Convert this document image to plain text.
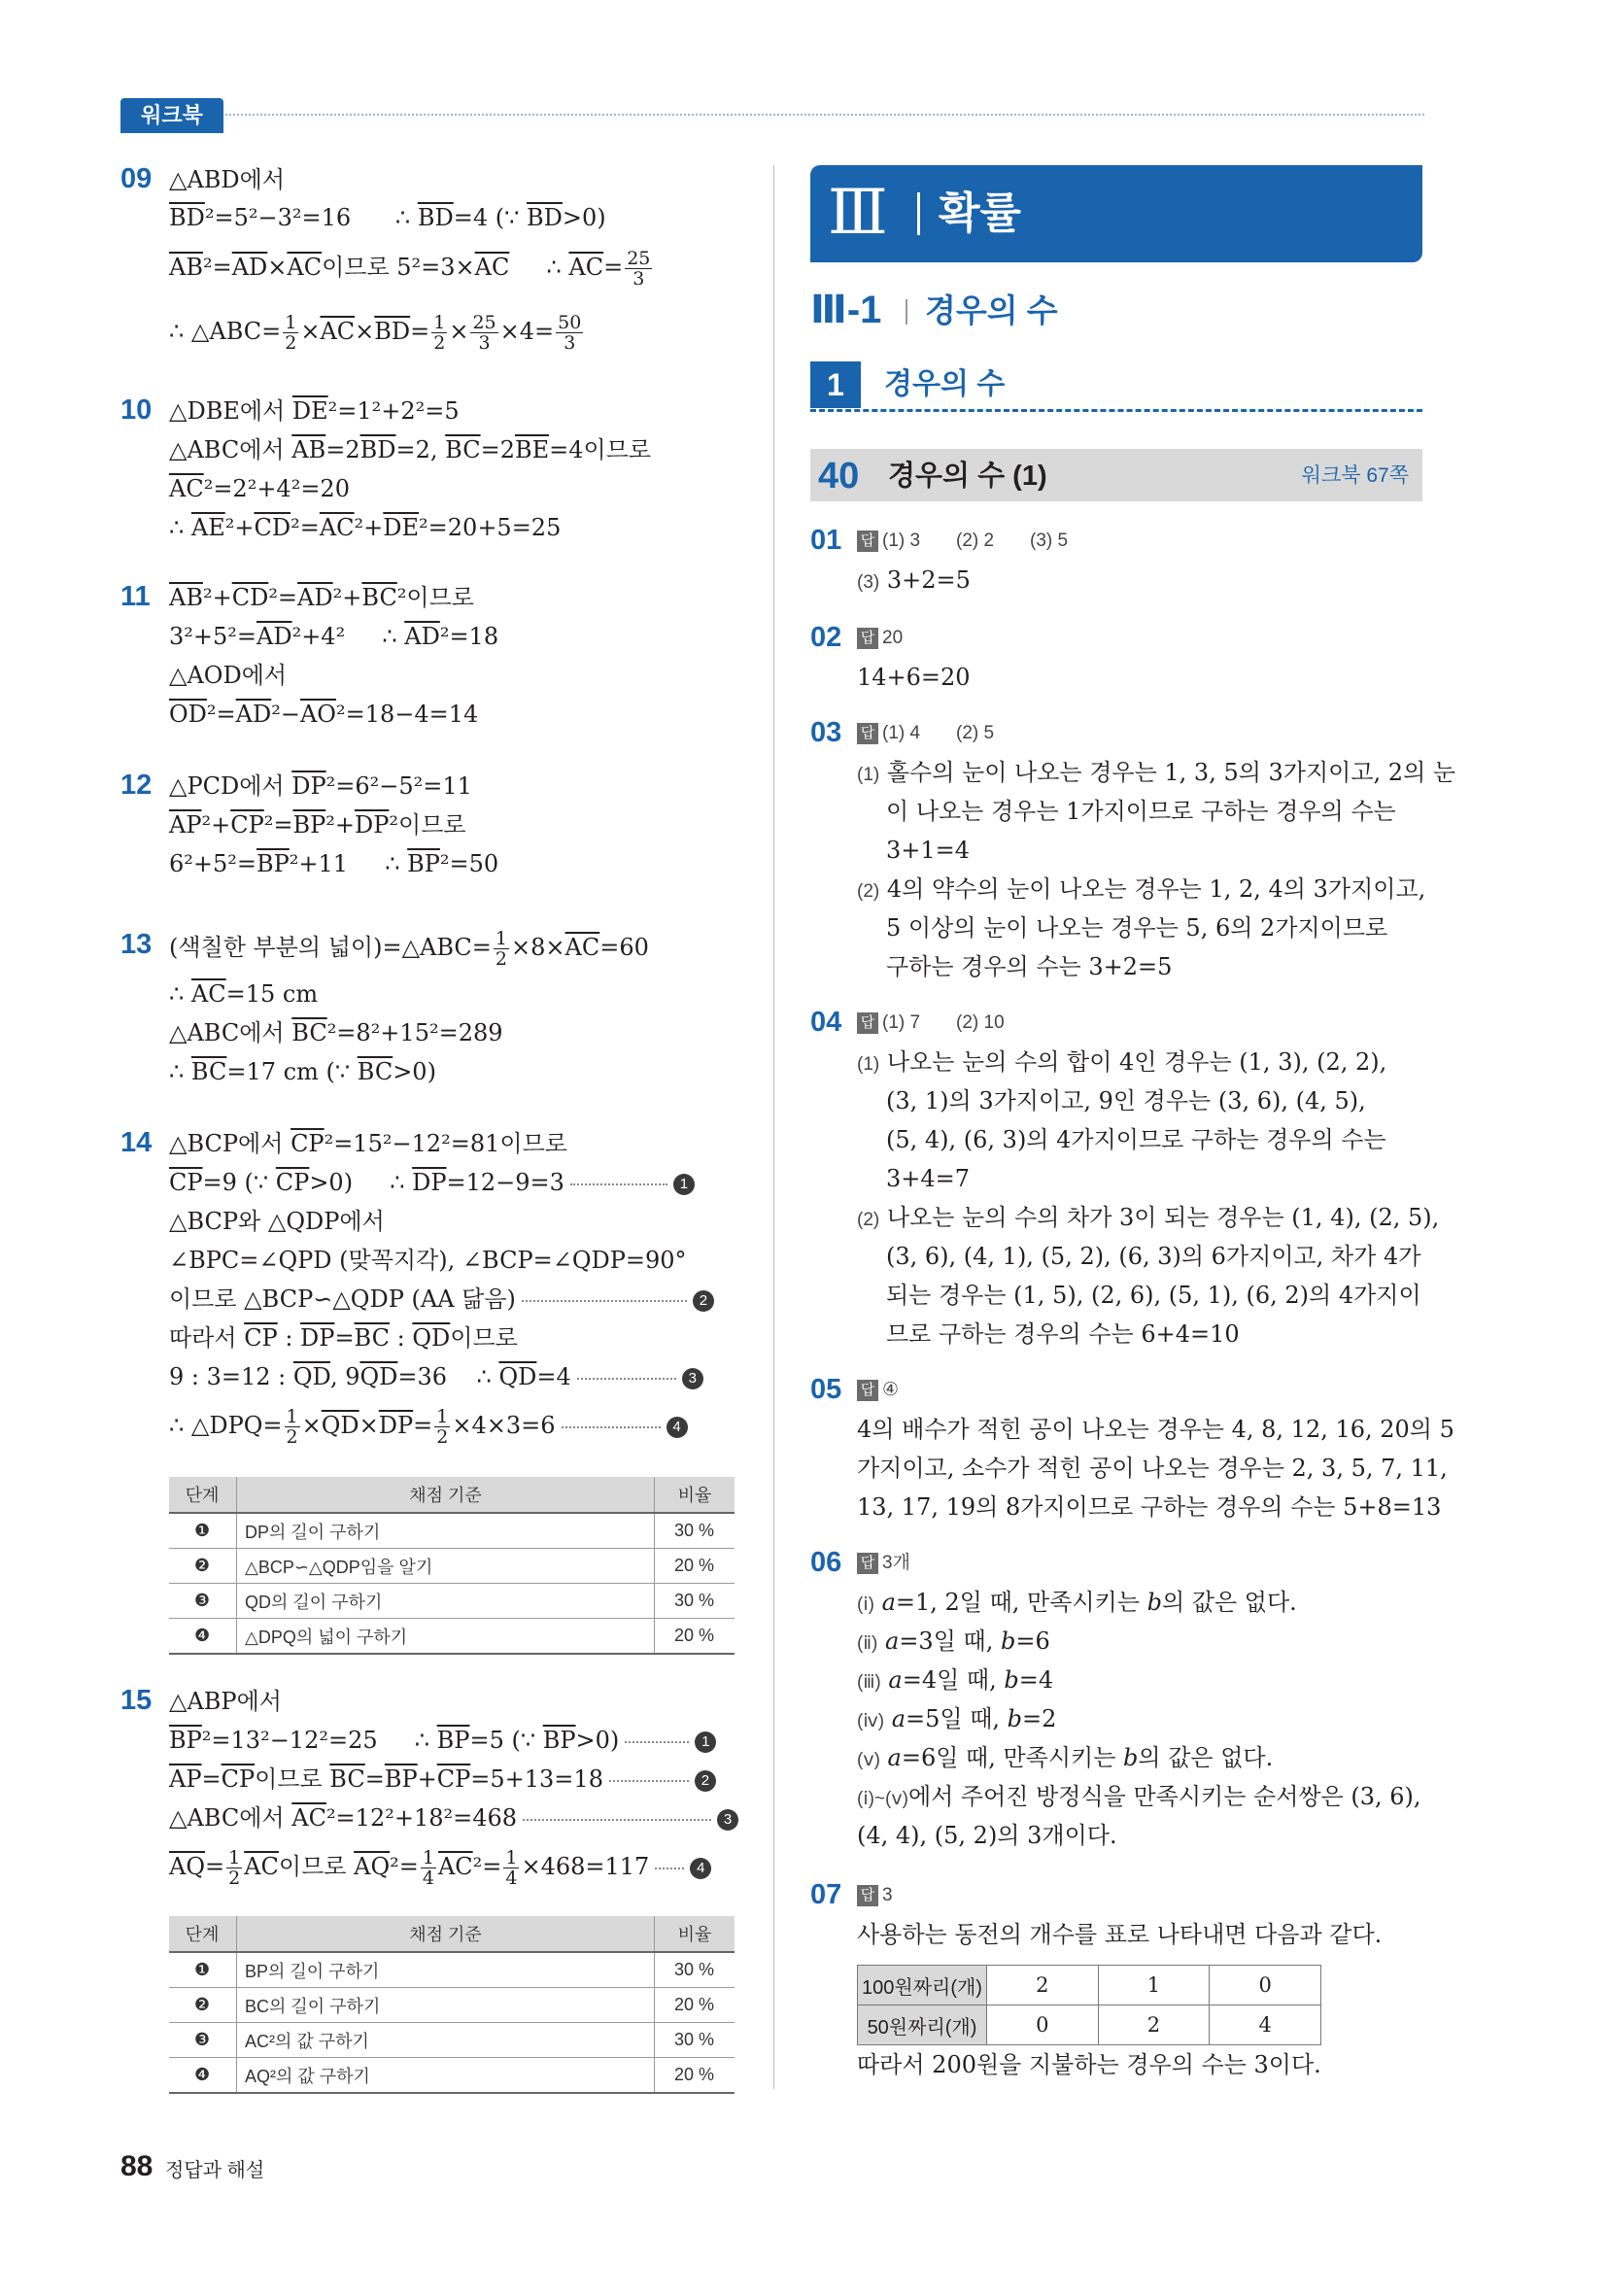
워크북
09 △ABD에서
$\overline{BD}^2=5^2-3^2=16$      ∴ $\overline{BD}=4$ (∵ $\overline{BD}>0$)
$\overline{AB}^2=\overline{AD}\times\overline{AC}$이므로 $5^2=3\times\overline{AC}$     ∴ $\overline{AC}= \frac{25}{3}$
∴ △ABC= $\frac{1}{2} \times\overline{AC}\times\overline{BD}= \frac{1}{2} \times \frac{25}{3} \times 4= \frac{50}{3}$
10 △DBE에서 $\overline{DE}^2=1^2+2^2=5$
△ABC에서 $\overline{AB}=2\overline{BD}=2$, $\overline{BC}=2\overline{BE}=4$이므로
$\overline{AC}^2=2^2+4^2=20$
∴ $\overline{AE}^2+\overline{CD}^2=\overline{AC}^2+\overline{DE}^2=20+5=25$
11 $\overline{AB}^2+\overline{CD}^2=\overline{AD}^2+\overline{BC}^2$이므로
$3^2+5^2=\overline{AD}^2+4^2$     ∴ $\overline{AD}^2=18$
△AOD에서
$\overline{OD}^2=\overline{AD}^2-\overline{AO}^2=18-4=14$
12 △PCD에서 $\overline{DP}^2=6^2-5^2=11$
$\overline{AP}^2+\overline{CP}^2=\overline{BP}^2+\overline{DP}^2$이므로
$6^2+5^2=\overline{BP}^2+11$     ∴ $\overline{BP}^2=50$
13 (색칠한 부분의 넓이)=△ABC= $\frac{1}{2} \times 8\times\overline{AC}=60$
∴ $\overline{AC}=15$ cm
△ABC에서 $\overline{BC}^2=8^2+15^2=289$
∴ $\overline{BC}=17$ cm (∵ $\overline{BC}>0$)
14 △BCP에서 $\overline{CP}^2=15^2-12^2=81$이므로
$\overline{CP}=9$ (∵ $\overline{CP}>0$)     ∴ $\overline{DP}=12-9=3$	1
△BCP와 △QDP에서
∠BPC=∠QPD (맞꼭지각), ∠BCP=∠QDP=90°
이므로 △BCP∽△QDP (AA 닮음)	2
따라서 $\overline{CP}$ : $\overline{DP}=\overline{BC}$ : $\overline{QD}$이므로
9 : 3=12 : $\overline{QD}$, $9\overline{QD}=36$    ∴ $\overline{QD}=4$	3
∴ △DPQ= $\frac{1}{2} \times\overline{QD}\times\overline{DP}= \frac{1}{2} \times 4\times 3=6$	4
단계	채점 기준	비율
❶	DP의 길이 구하기	30 %
❷	△BCP∽△QDP임을 알기	20 %
❸	QD의 길이 구하기	30 %
❹	△DPQ의 넓이 구하기	20 %
15 △ABP에서
$\overline{BP}^2=13^2-12^2=25$     ∴ $\overline{BP}=5$ (∵ $\overline{BP}>0$)	1
$\overline{AP}=\overline{CP}$이므로 $\overline{BC}=\overline{BP}+\overline{CP}=5+13=18$	2
△ABC에서 $\overline{AC}^2=12^2+18^2=468$	3
$\overline{AQ}= \frac{1}{2} \overline{AC}$이므로 $\overline{AQ}^2= \frac{1}{4} \overline{AC}^2= \frac{1}{4} \times 468=117$	4
단계	채점 기준	비율
❶	BP의 길이 구하기	30 %
❷	BC의 길이 구하기	20 %
❸	AC²의 값 구하기	30 %
❹	AQ²의 값 구하기	20 %
Ⅲ 확률
Ⅲ-1 경우의 수
1	경우의 수
40 경우의 수 (1)	워크북 67쪽
01 답 (1) 3       (2) 2       (3) 5
(3) 3+2=5
02 답 20
14+6=20
03 답 (1) 4       (2) 5
(1) 홀수의 눈이 나오는 경우는 1, 3, 5의 3가지이고, 2의 눈
이 나오는 경우는 1가지이므로 구하는 경우의 수는
3+1=4
(2) 4의 약수의 눈이 나오는 경우는 1, 2, 4의 3가지이고,
5 이상의 눈이 나오는 경우는 5, 6의 2가지이므로
구하는 경우의 수는 3+2=5
04 답 (1) 7       (2) 10
(1) 나오는 눈의 수의 합이 4인 경우는 (1, 3), (2, 2),
(3, 1)의 3가지이고, 9인 경우는 (3, 6), (4, 5),
(5, 4), (6, 3)의 4가지이므로 구하는 경우의 수는
3+4=7
(2) 나오는 눈의 수의 차가 3이 되는 경우는 (1, 4), (2, 5),
(3, 6), (4, 1), (5, 2), (6, 3)의 6가지이고, 차가 4가
되는 경우는 (1, 5), (2, 6), (5, 1), (6, 2)의 4가지이
므로 구하는 경우의 수는 6+4=10
05 답 ④
4의 배수가 적힌 공이 나오는 경우는 4, 8, 12, 16, 20의 5
가지이고, 소수가 적힌 공이 나오는 경우는 2, 3, 5, 7, 11,
13, 17, 19의 8가지이므로 구하는 경우의 수는 5+8=13
06 답 3개
(ⅰ) a=1, 2일 때, 만족시키는 b의 값은 없다.
(ⅱ) a=3일 때, b=6
(ⅲ) a=4일 때, b=4
(ⅳ) a=5일 때, b=2
(ⅴ) a=6일 때, 만족시키는 b의 값은 없다.
(ⅰ)~(ⅴ)에서 주어진 방정식을 만족시키는 순서쌍은 (3, 6),
(4, 4), (5, 2)의 3개이다.
07 답 3
사용하는 동전의 개수를 표로 나타내면 다음과 같다.
100원짜리(개)	2	1	0
50원짜리(개)	0	2	4
따라서 200원을 지불하는 경우의 수는 3이다.
88 정답과 해설
